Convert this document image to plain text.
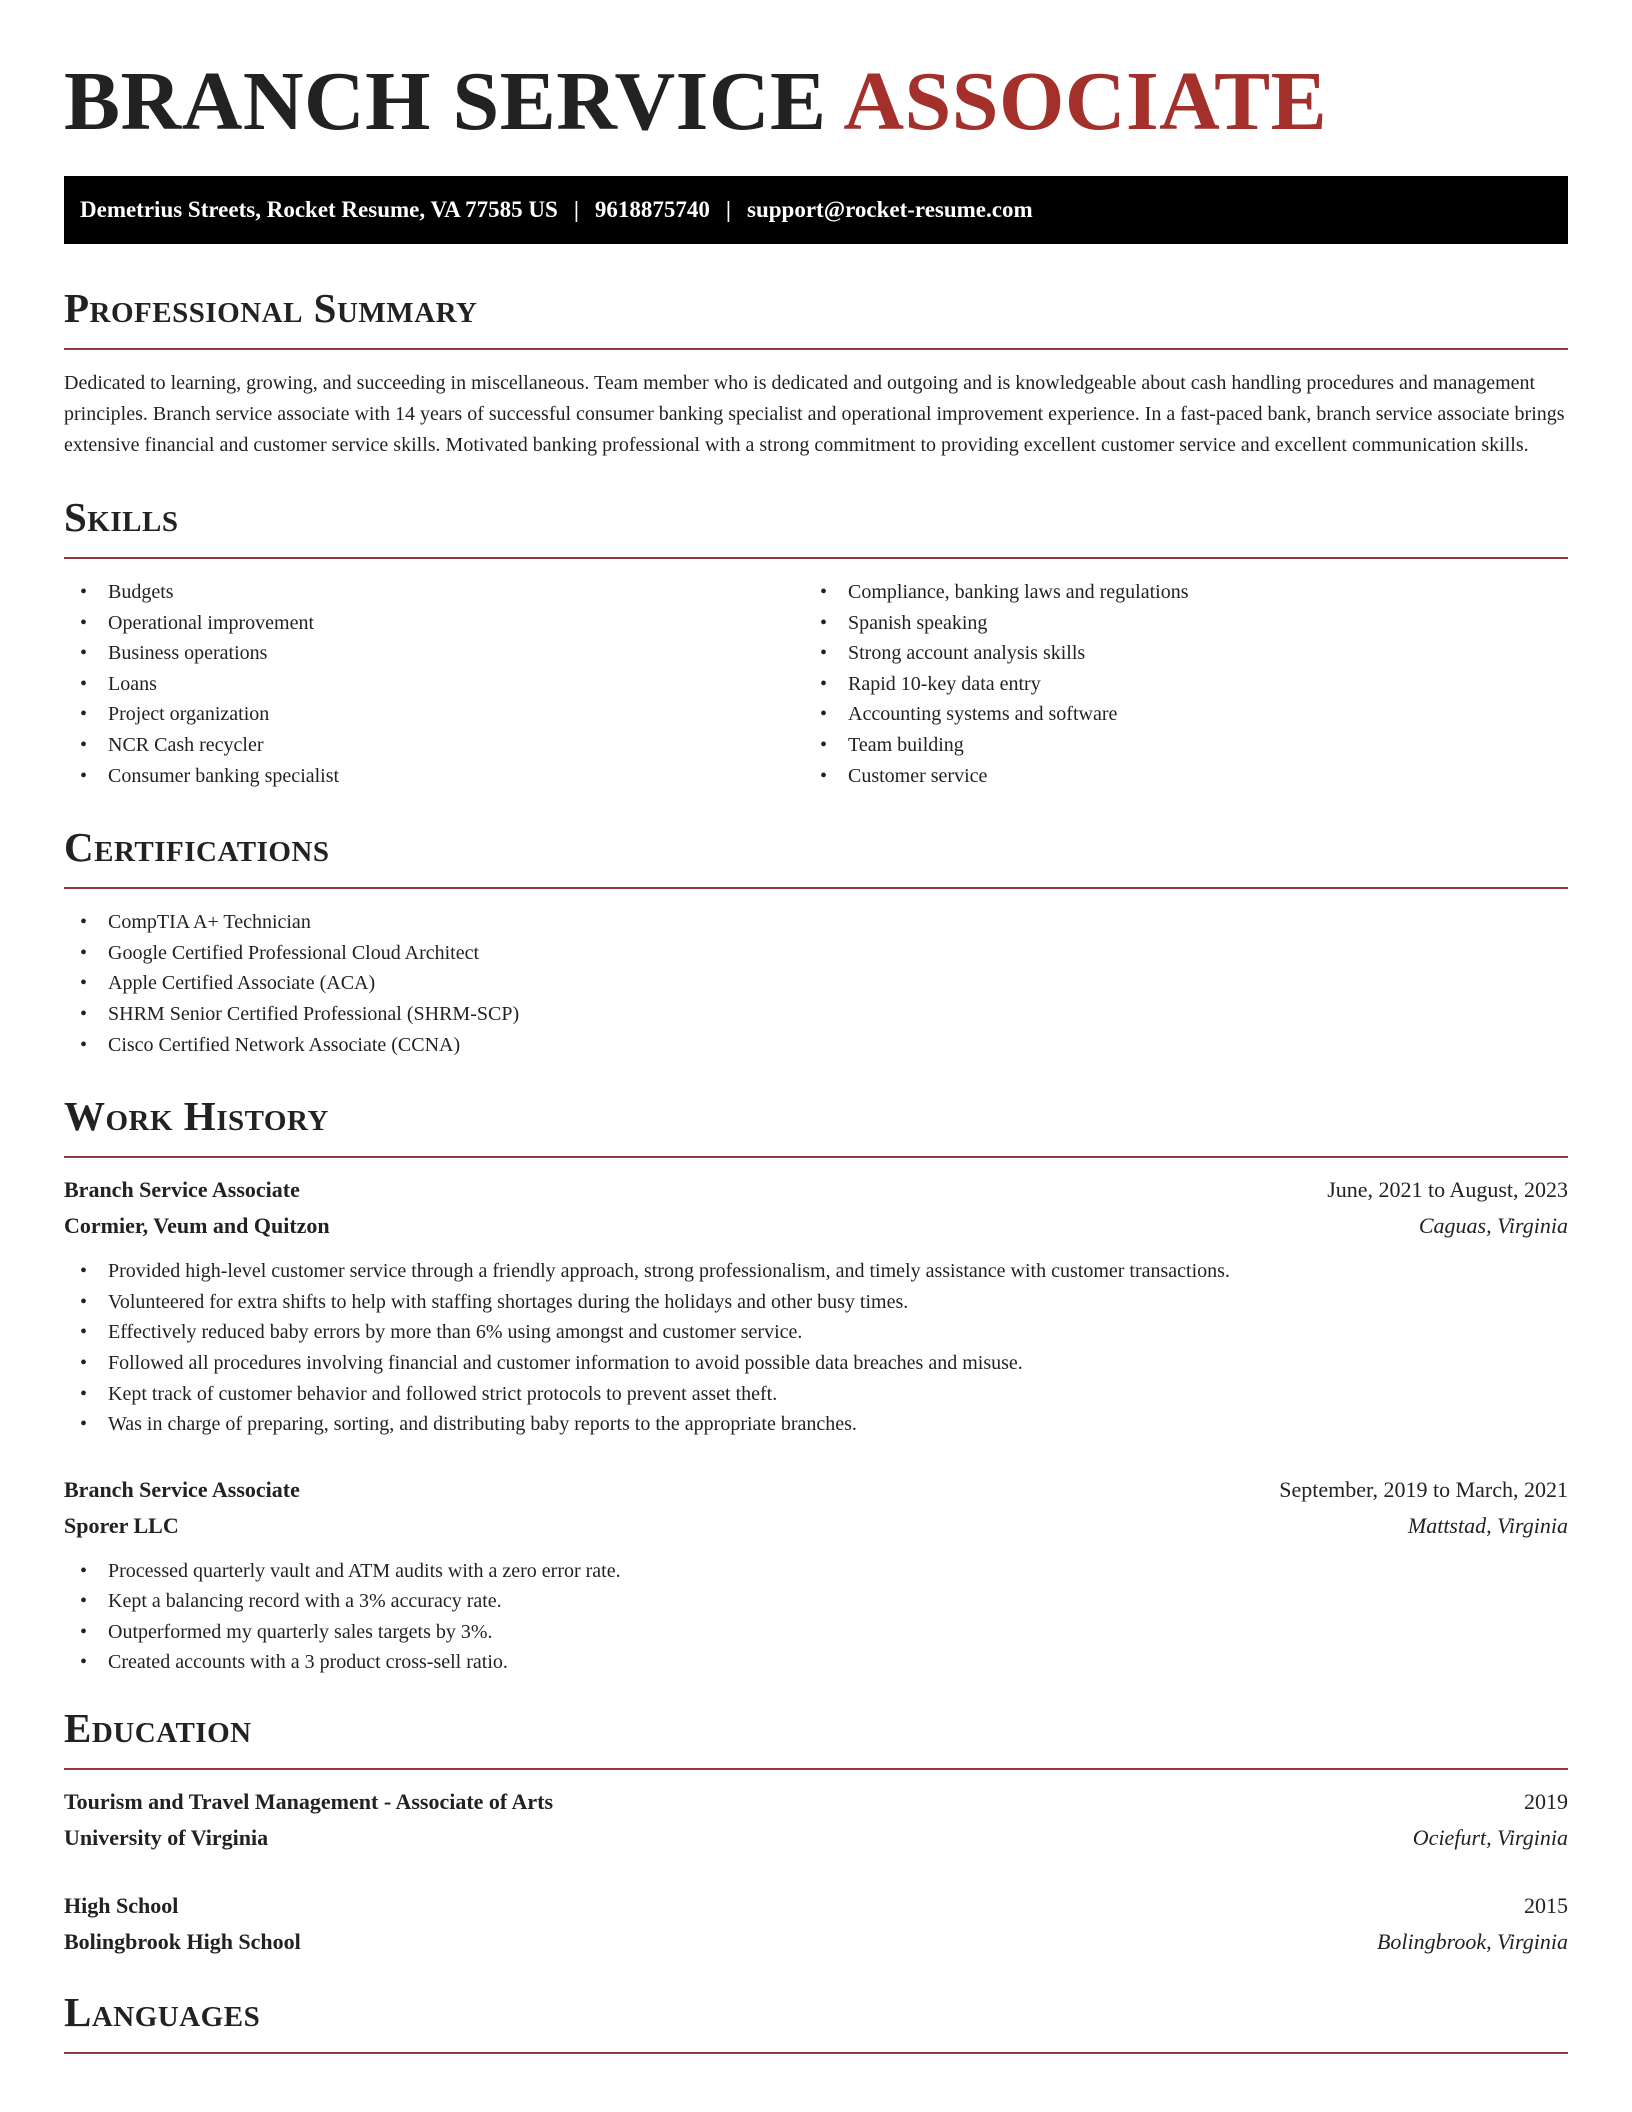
BRANCH SERVICE ASSOCIATE
Demetrius Streets, Rocket Resume, VA 77585 US | 9618875740 | support@rocket-resume.com
Professional Summary

Dedicated to learning, growing, and succeeding in miscellaneous. Team member who is dedicated and outgoing and is knowledgeable about cash handling procedures and management principles. Branch service associate with 14 years of successful consumer banking specialist and operational improvement experience. In a fast-paced bank, branch service associate brings extensive financial and customer service skills. Motivated banking professional with a strong commitment to providing excellent customer service and excellent communication skills.

Skills
• Budgets
• Operational improvement
• Business operations
• Loans
• Project organization
• NCR Cash recycler
• Consumer banking specialist
• Compliance, banking laws and regulations
• Spanish speaking
• Strong account analysis skills
• Rapid 10-key data entry
• Accounting systems and software
• Team building
• Customer service
Certifications
• CompTIA A+ Technician
• Google Certified Professional Cloud Architect
• Apple Certified Associate (ACA)
• SHRM Senior Certified Professional (SHRM-SCP)
• Cisco Certified Network Associate (CCNA)
Work History
Branch Service Associate	June, 2021 to August, 2023
Cormier, Veum and Quitzon	Caguas, Virginia
• Provided high-level customer service through a friendly approach, strong professionalism, and timely assistance with customer transactions.
• Volunteered for extra shifts to help with staffing shortages during the holidays and other busy times.
• Effectively reduced baby errors by more than 6% using amongst and customer service.
• Followed all procedures involving financial and customer information to avoid possible data breaches and misuse.
• Kept track of customer behavior and followed strict protocols to prevent asset theft.
• Was in charge of preparing, sorting, and distributing baby reports to the appropriate branches.
Branch Service Associate	September, 2019 to March, 2021
Sporer LLC	Mattstad, Virginia
• Processed quarterly vault and ATM audits with a zero error rate.
• Kept a balancing record with a 3% accuracy rate.
• Outperformed my quarterly sales targets by 3%.
• Created accounts with a 3 product cross-sell ratio.
Education
Tourism and Travel Management - Associate of Arts	2019
University of Virginia	Ociefurt, Virginia
High School	2015
Bolingbrook High School	Bolingbrook, Virginia
Languages
